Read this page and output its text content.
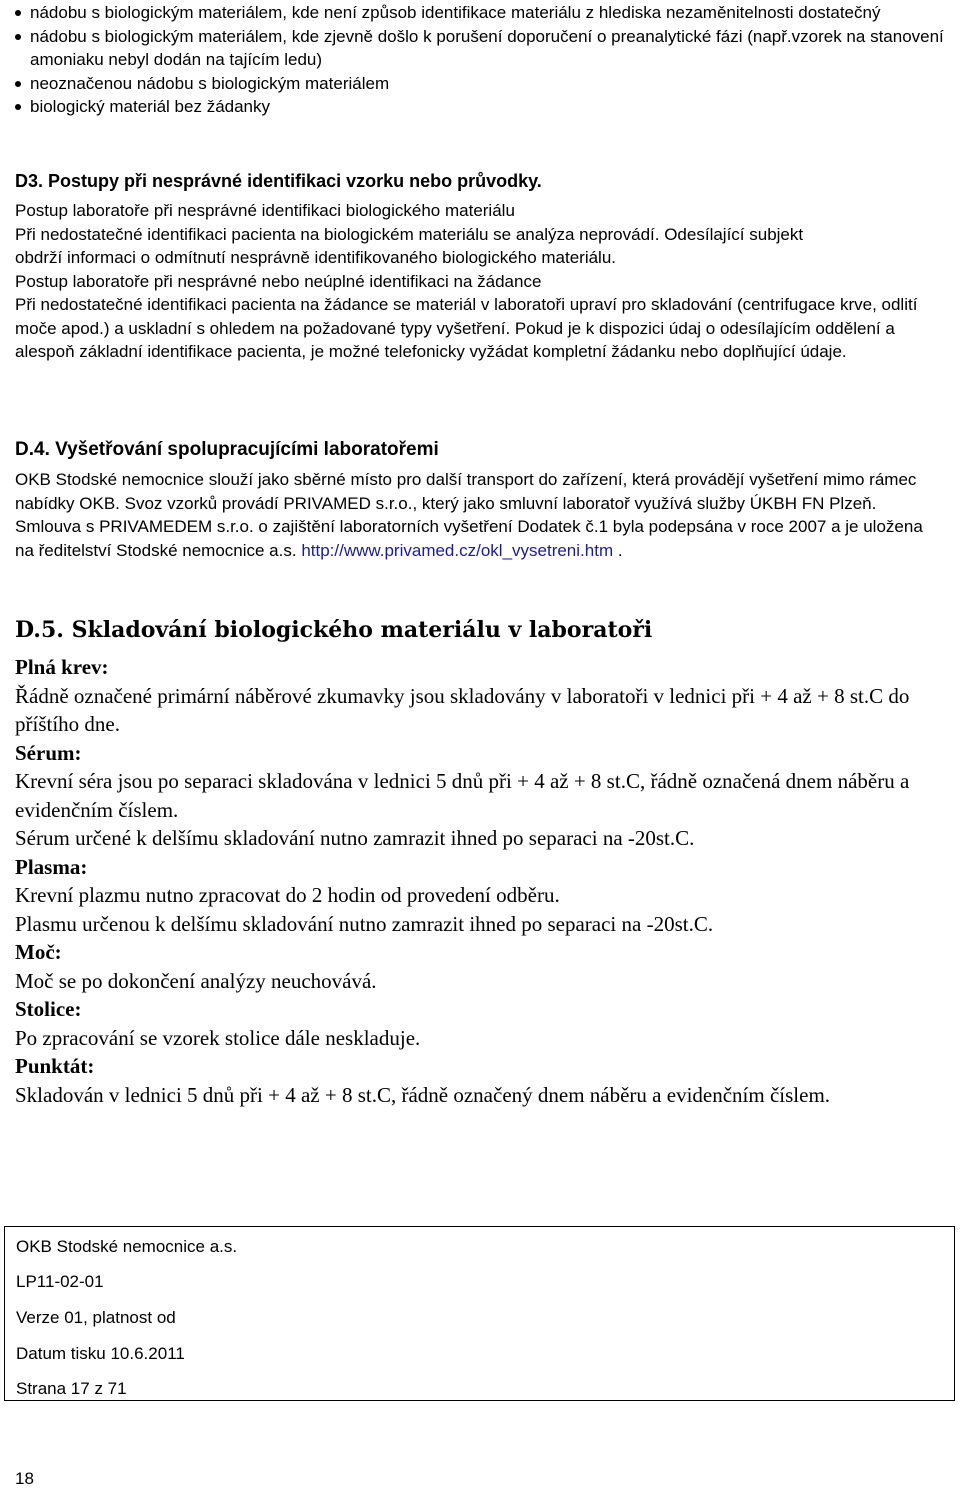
nádobu s biologickým materiálem, kde není způsob identifikace materiálu z hlediska nezaměnitelnosti dostatečný
nádobu s biologickým materiálem, kde zjevně došlo k porušení doporučení o preanalytické fázi (např.vzorek na stanovení amoniaku nebyl dodán na tajícím ledu)
neoznačenou nádobu s biologickým materiálem
biologický materiál bez žádanky
D3. Postupy při nesprávné identifikaci vzorku nebo průvodky.

Postup laboratoře při nesprávné identifikaci biologického materiálu

Při nedostatečné identifikaci pacienta na biologickém materiálu se analýza neprovádí. Odesílající subjekt

obdrží informaci o odmítnutí nesprávně identifikovaného biologického materiálu.

Postup laboratoře při nesprávné nebo neúplné identifikaci na žádance

Při nedostatečné identifikaci pacienta na žádance se materiál v laboratoři upraví pro skladování (centrifugace krve, odlití moče apod.) a uskladní s ohledem na požadované typy vyšetření. Pokud je k dispozici údaj o odesílajícím oddělení a alespoň základní identifikace pacienta, je možné telefonicky vyžádat kompletní žádanku nebo doplňující údaje.

D.4. Vyšetřování spolupracujícími laboratořemi

OKB Stodské nemocnice slouží jako sběrné místo pro další transport do zařízení, která provádějí vyšetření mimo rámec nabídky OKB. Svoz vzorků provádí PRIVAMED s.r.o., který jako smluvní laboratoř využívá služby ÚKBH FN Plzeň. Smlouva s PRIVAMEDEM s.r.o. o zajištění laboratorních vyšetření Dodatek č.1 byla podepsána v roce 2007 a je uložena na ředitelství Stodské nemocnice a.s. http://www.privamed.cz/okl_vysetreni.htm .

D.5. Skladování biologického materiálu v laboratoři

Plná krev:

Řádně označené primární náběrové zkumavky jsou skladovány v laboratoři v lednici při + 4 až + 8 st.C do příštího dne.

Sérum:

Krevní séra jsou po separaci skladována v lednici 5 dnů při + 4 až + 8 st.C, řádně označená dnem náběru a evidenčním číslem.

Sérum určené k delšímu skladování nutno zamrazit ihned po separaci na -20st.C.

Plasma:

Krevní plazmu nutno zpracovat do 2 hodin od provedení odběru.

Plasmu určenou k delšímu skladování nutno zamrazit ihned po separaci na -20st.C.

Moč:

Moč se po dokončení analýzy neuchovává.

Stolice:

Po zpracování se vzorek stolice dále neskladuje.

Punktát:

Skladován v lednici 5 dnů při + 4 až + 8 st.C, řádně označený dnem náběru a evidenčním číslem.

OKB Stodské nemocnice a.s.
LP11-02-01
Verze 01, platnost od
Datum tisku 10.6.2011
Strana 17 z 71
18
